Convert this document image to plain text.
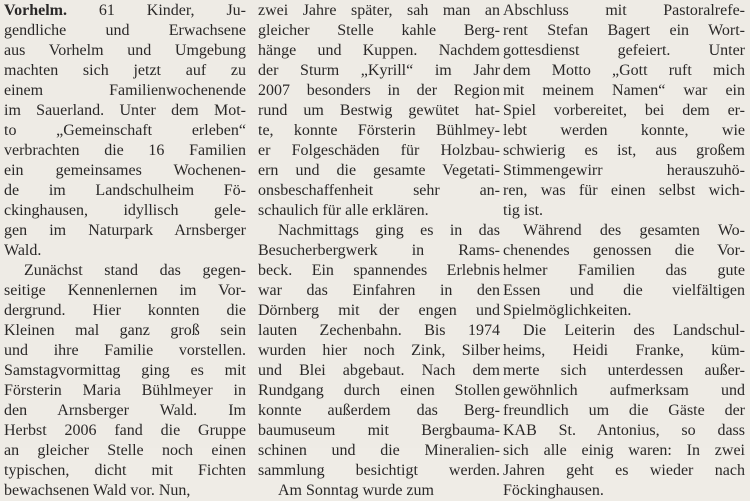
Vorhelm. 61 Kinder, Ju-
gendliche und Erwachsene
aus Vorhelm und Umgebung
machten sich jetzt auf zu
einem Familienwochenende
im Sauerland. Unter dem Mot-
to „Gemeinschaft erleben“
verbrachten die 16 Familien
ein gemeinsames Wochenen-
de im Landschulheim Fö-
ckinghausen, idyllisch gele-
gen im Naturpark Arnsberger
Wald.
Zunächst stand das gegen-
seitige Kennenlernen im Vor-
dergrund. Hier konnten die
Kleinen mal ganz groß sein
und ihre Familie vorstellen.
Samstagvormittag ging es mit
Försterin Maria Bühlmeyer in
den Arnsberger Wald. Im
Herbst 2006 fand die Gruppe
an gleicher Stelle noch einen
typischen, dicht mit Fichten
bewachsenen Wald vor. Nun,
zwei Jahre später, sah man an
gleicher Stelle kahle Berg-
hänge und Kuppen. Nachdem
der Sturm „Kyrill“ im Jahr
2007 besonders in der Region
rund um Bestwig gewütet hat-
te, konnte Försterin Bühlmey-
er Folgeschäden für Holzbau-
ern und die gesamte Vegetati-
onsbeschaffenheit sehr an-
schaulich für alle erklären.
Nachmittags ging es in das
Besucherbergwerk in Rams-
beck. Ein spannendes Erlebnis
war das Einfahren in den
Dörnberg mit der engen und
lauten Zechenbahn. Bis 1974
wurden hier noch Zink, Silber
und Blei abgebaut. Nach dem
Rundgang durch einen Stollen
konnte außerdem das Berg-
baumuseum mit Bergbauma-
schinen und die Mineralien-
sammlung besichtigt werden.
Am Sonntag wurde zum
Abschluss mit Pastoralrefe-
rent Stefan Bagert ein Wort-
gottesdienst gefeiert. Unter
dem Motto „Gott ruft mich
mit meinem Namen“ war ein
Spiel vorbereitet, bei dem er-
lebt werden konnte, wie
schwierig es ist, aus großem
Stimmengewirr herauszuhö-
ren, was für einen selbst wich-
tig ist.
Während des gesamten Wo-
chenendes genossen die Vor-
helmer Familien das gute
Essen und die vielfältigen
Spielmöglichkeiten.
Die Leiterin des Landschul-
heims, Heidi Franke, küm-
merte sich unterdessen außer-
gewöhnlich aufmerksam und
freundlich um die Gäste der
KAB St. Antonius, so dass
sich alle einig waren: In zwei
Jahren geht es wieder nach
Föckinghausen.
